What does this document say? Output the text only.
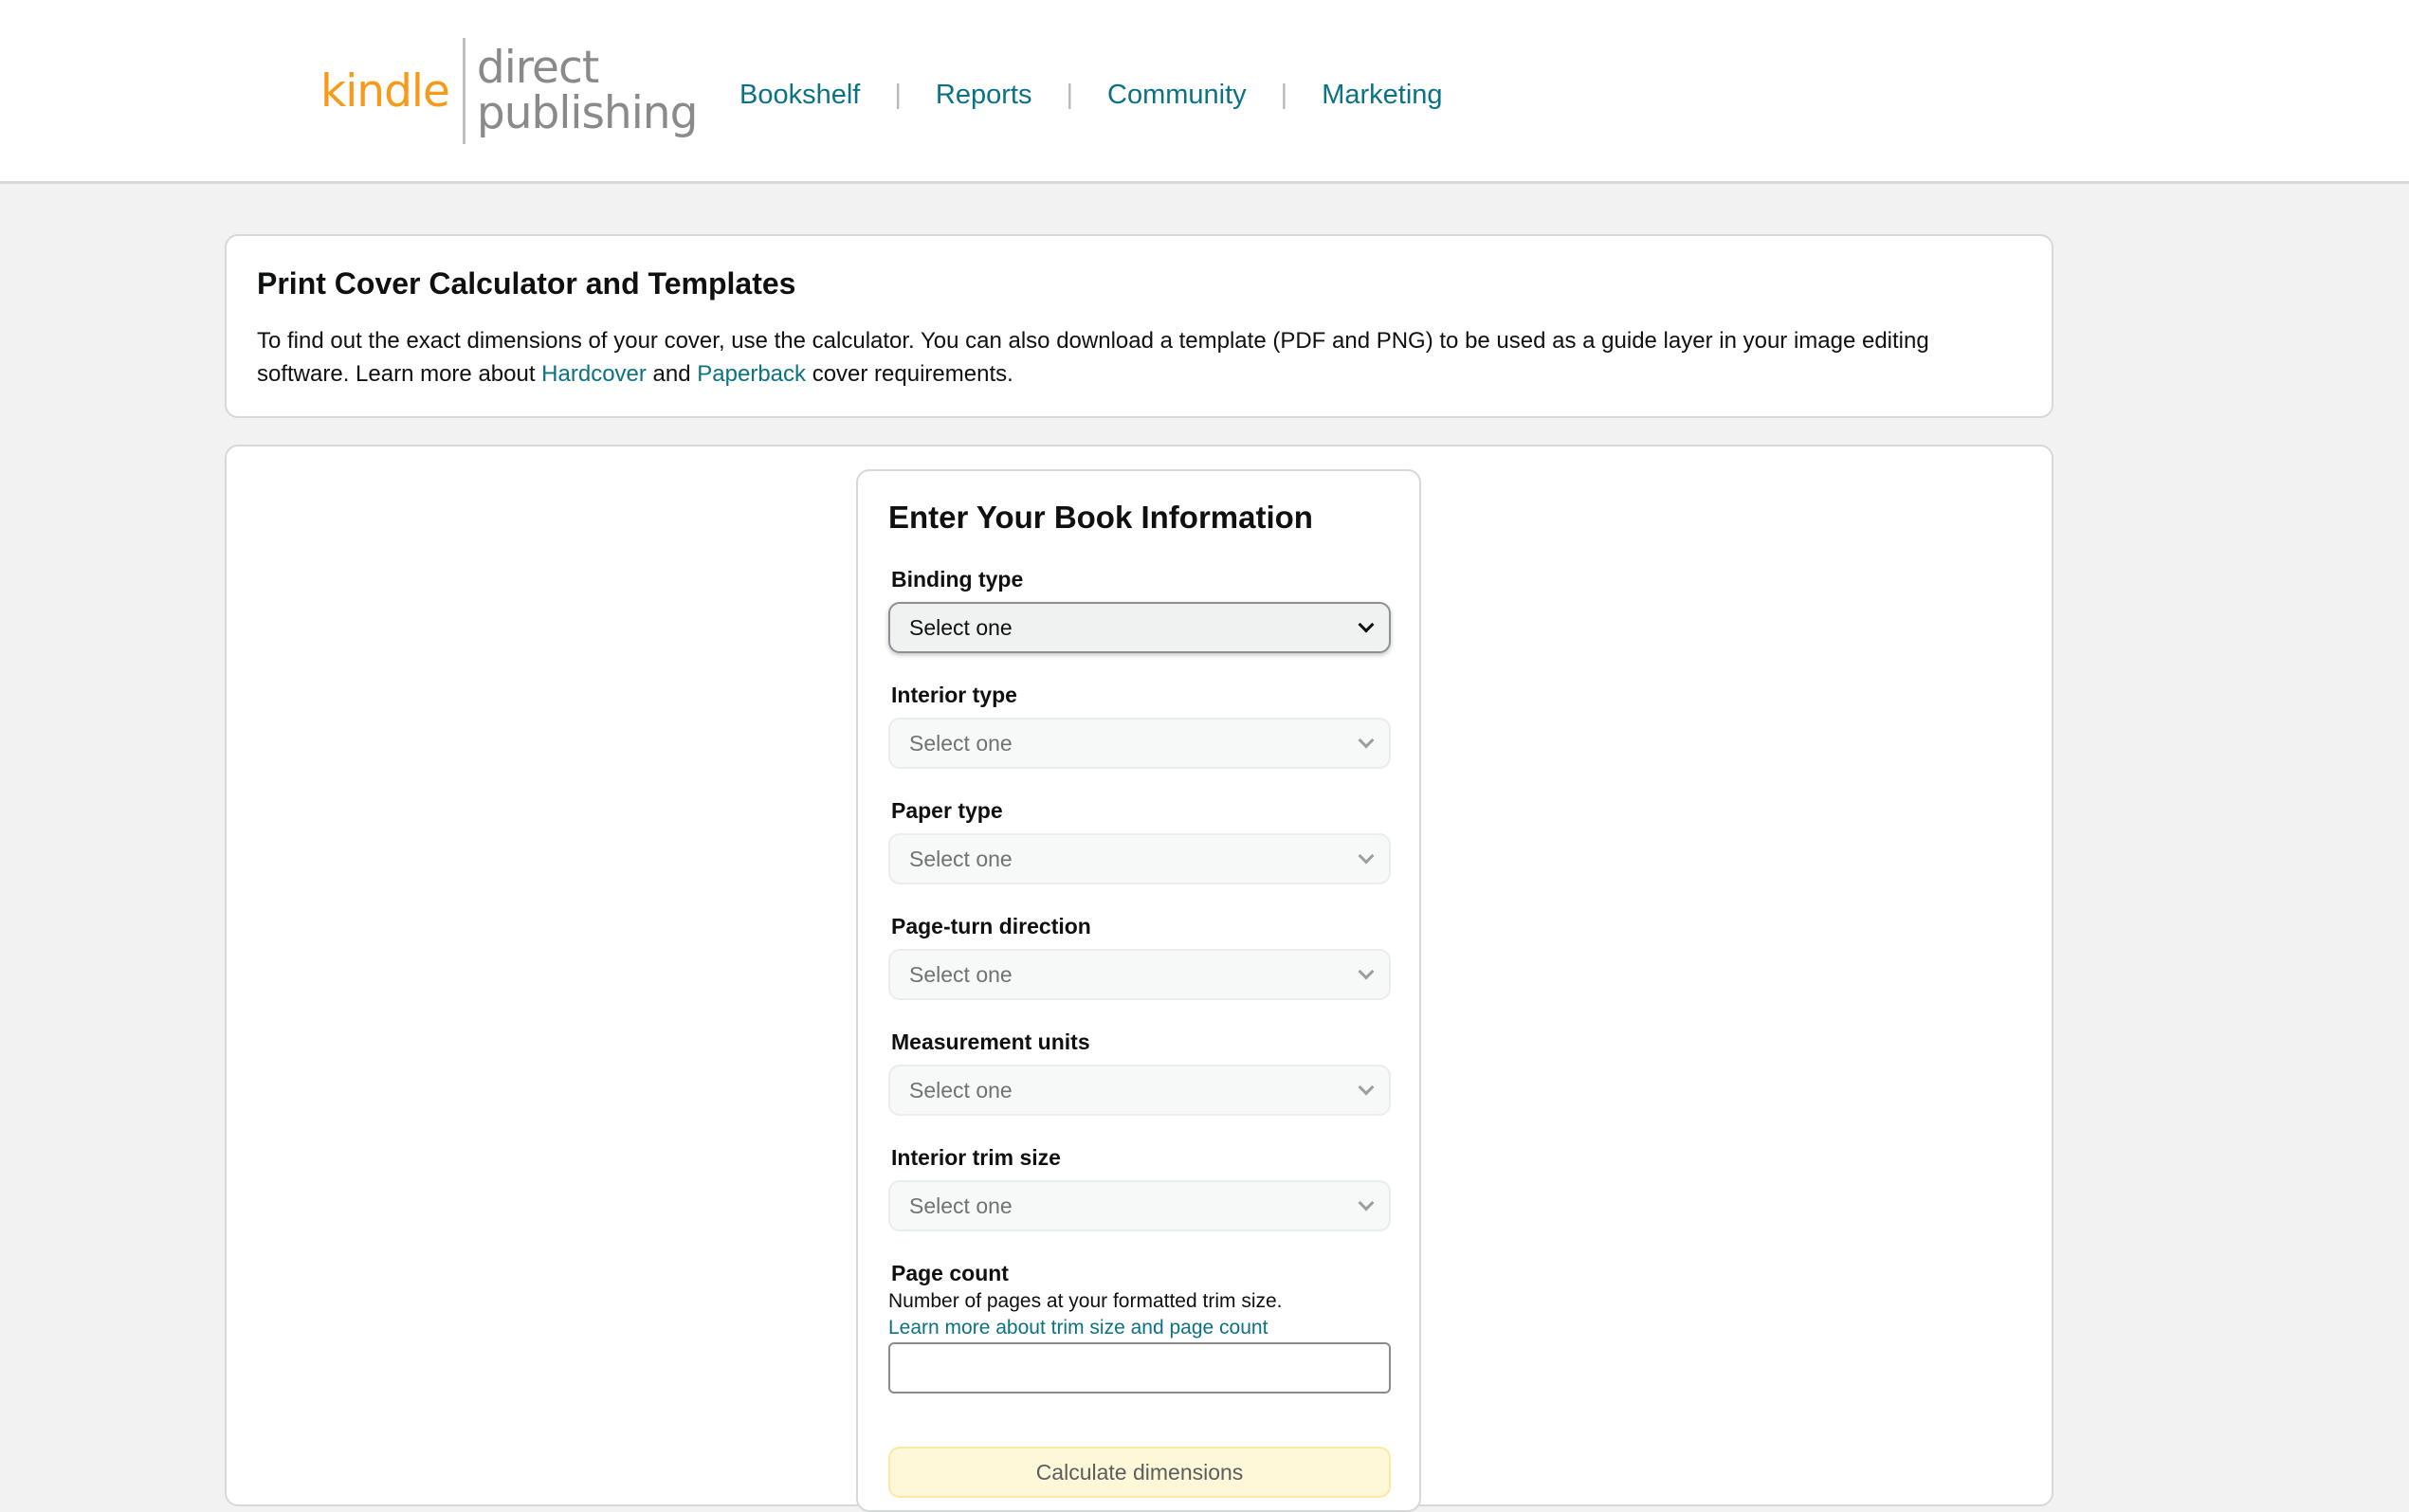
kindle direct
publishing Bookshelf | Reports | Community | Marketing
Print Cover Calculator and Templates

To find out the exact dimensions of your cover, use the calculator. You can also download a template (PDF and PNG) to be used as a guide layer in your image editing software. Learn more about Hardcover and Paperback cover requirements.

Enter Your Book Information
Binding type
Select one
Interior type
Select one
Paper type
Select one
Page-turn direction
Select one
Measurement units
Select one
Interior trim size
Select one
Page count
Number of pages at your formatted trim size.
Learn more about trim size and page count
Calculate dimensions
